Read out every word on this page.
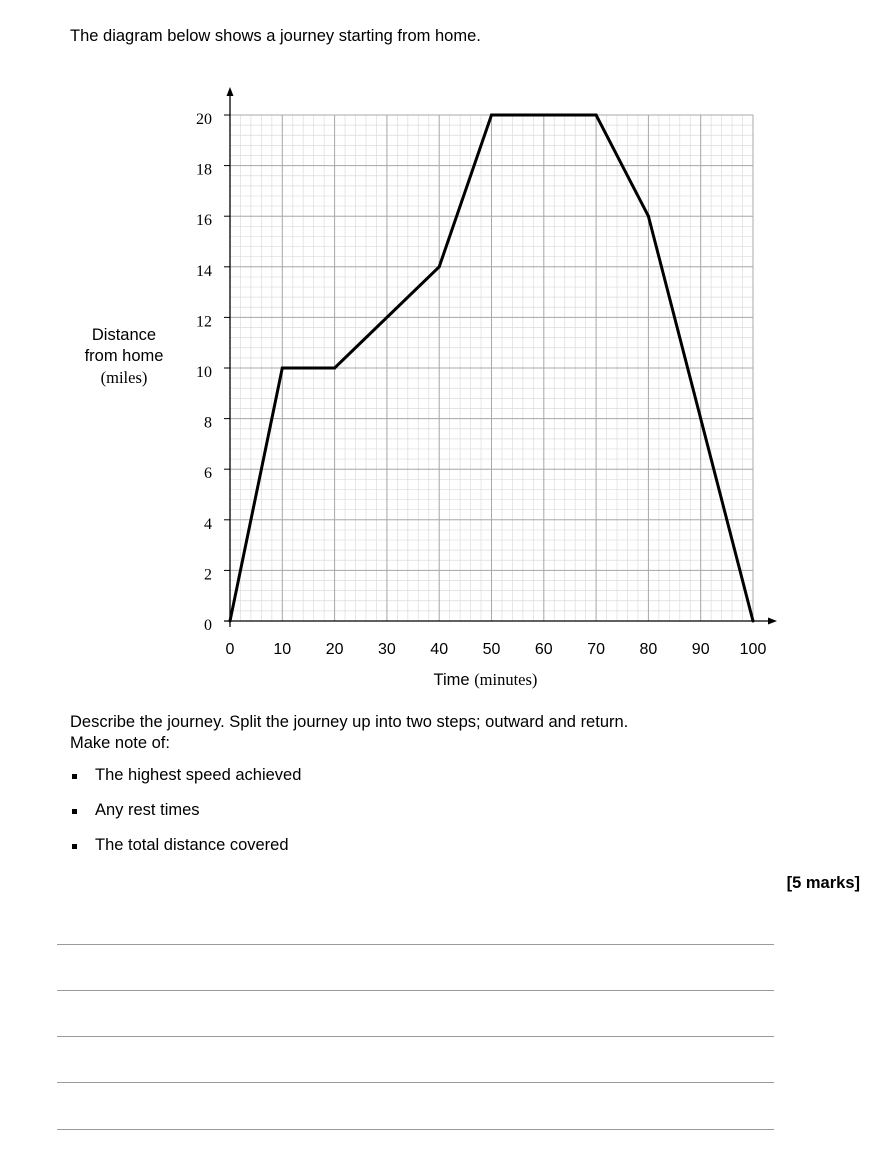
The diagram below shows a journey starting from home.
Distance
from home
(miles)
0
2
4
6
8
10
12
14
16
18
20
0 10 20 30 40 50 60 70 80 90 100
Time (minutes)
Describe the journey. Split the journey up into two steps; outward and return.
Make note of:
The highest speed achieved
Any rest times
The total distance covered
[5 marks]
